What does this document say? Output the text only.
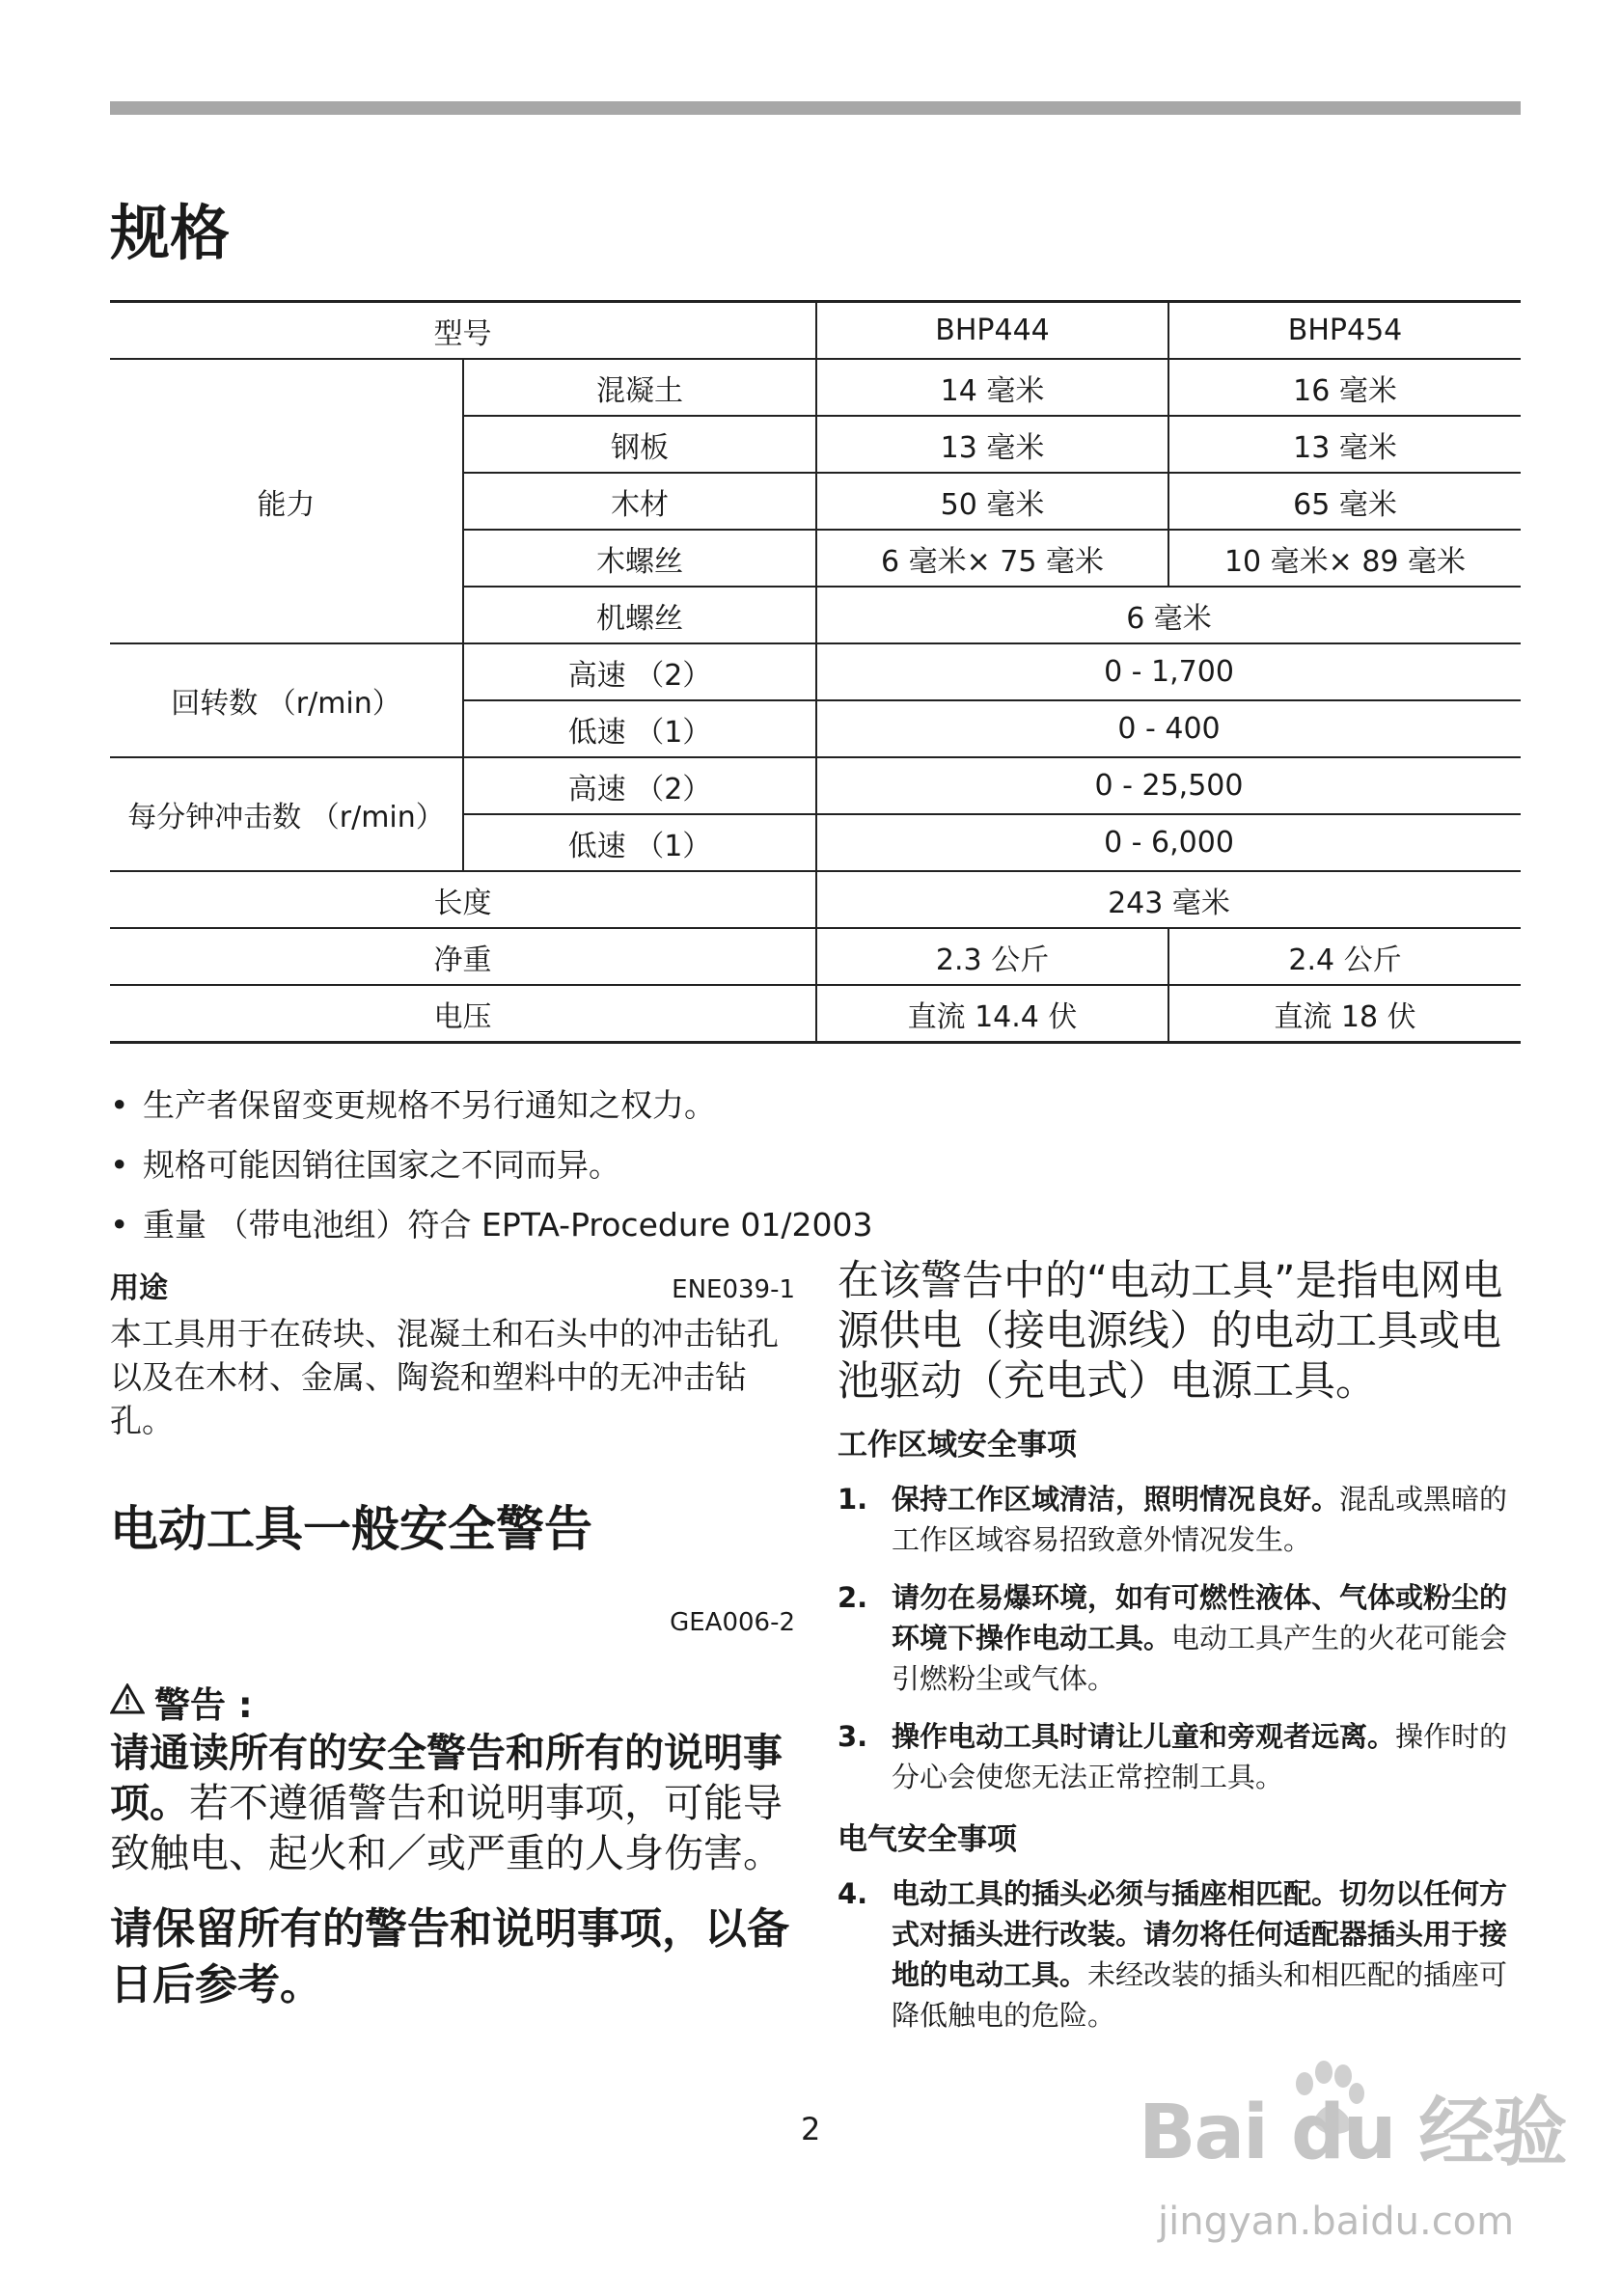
规格
型号		BHP444	BHP454
能力	混凝土	14 毫米	16 毫米
	钢板	13 毫米	13 毫米
	木材	50 毫米	65 毫米
	木螺丝	6 毫米× 75 毫米	10 毫米× 89 毫米
	机螺丝	6 毫米	
回转数 （r/min）	高速 （2）	0 - 1,700	
	低速 （1）	0 - 400	
每分钟冲击数 （r/min）	高速 （2）	0 - 25,500	
	低速 （1）	0 - 6,000	
长度		243 毫米	
净重		2.3 公斤	2.4 公斤
电压		直流 14.4 伏	直流 18 伏
• 生产者保留变更规格不另行通知之权力。
• 规格可能因销往国家之不同而异。
• 重量 （带电池组）符合 EPTA-Procedure 01/2003
用途	ENE039-1
本工具用于在砖块、混凝土和石头中的冲击钻孔以及在木材、金属、陶瓷和塑料中的无冲击钻孔。
电动工具一般安全警告
GEA006-2
警告 :
请通读所有的安全警告和所有的说明事项。若不遵循警告和说明事项，可能导致触电、起火和／或严重的人身伤害。
请保留所有的警告和说明事项，以备日后参考。
在该警告中的“电动工具”是指电网电源供电（接电源线）的电动工具或电池驱动（充电式）电源工具。
工作区域安全事项
1. 保持工作区域清洁，照明情况良好。混乱或黑暗的工作区域容易招致意外情况发生。
2. 请勿在易爆环境，如有可燃性液体、气体或粉尘的环境下操作电动工具。电动工具产生的火花可能会引燃粉尘或气体。
3. 操作电动工具时请让儿童和旁观者远离。操作时的分心会使您无法正常控制工具。
电气安全事项
4. 电动工具的插头必须与插座相匹配。切勿以任何方式对插头进行改装。请勿将任何适配器插头用于接地的电动工具。未经改装的插头和相匹配的插座可降低触电的危险。
2	Bai du 经验
jingyan.baidu.com
